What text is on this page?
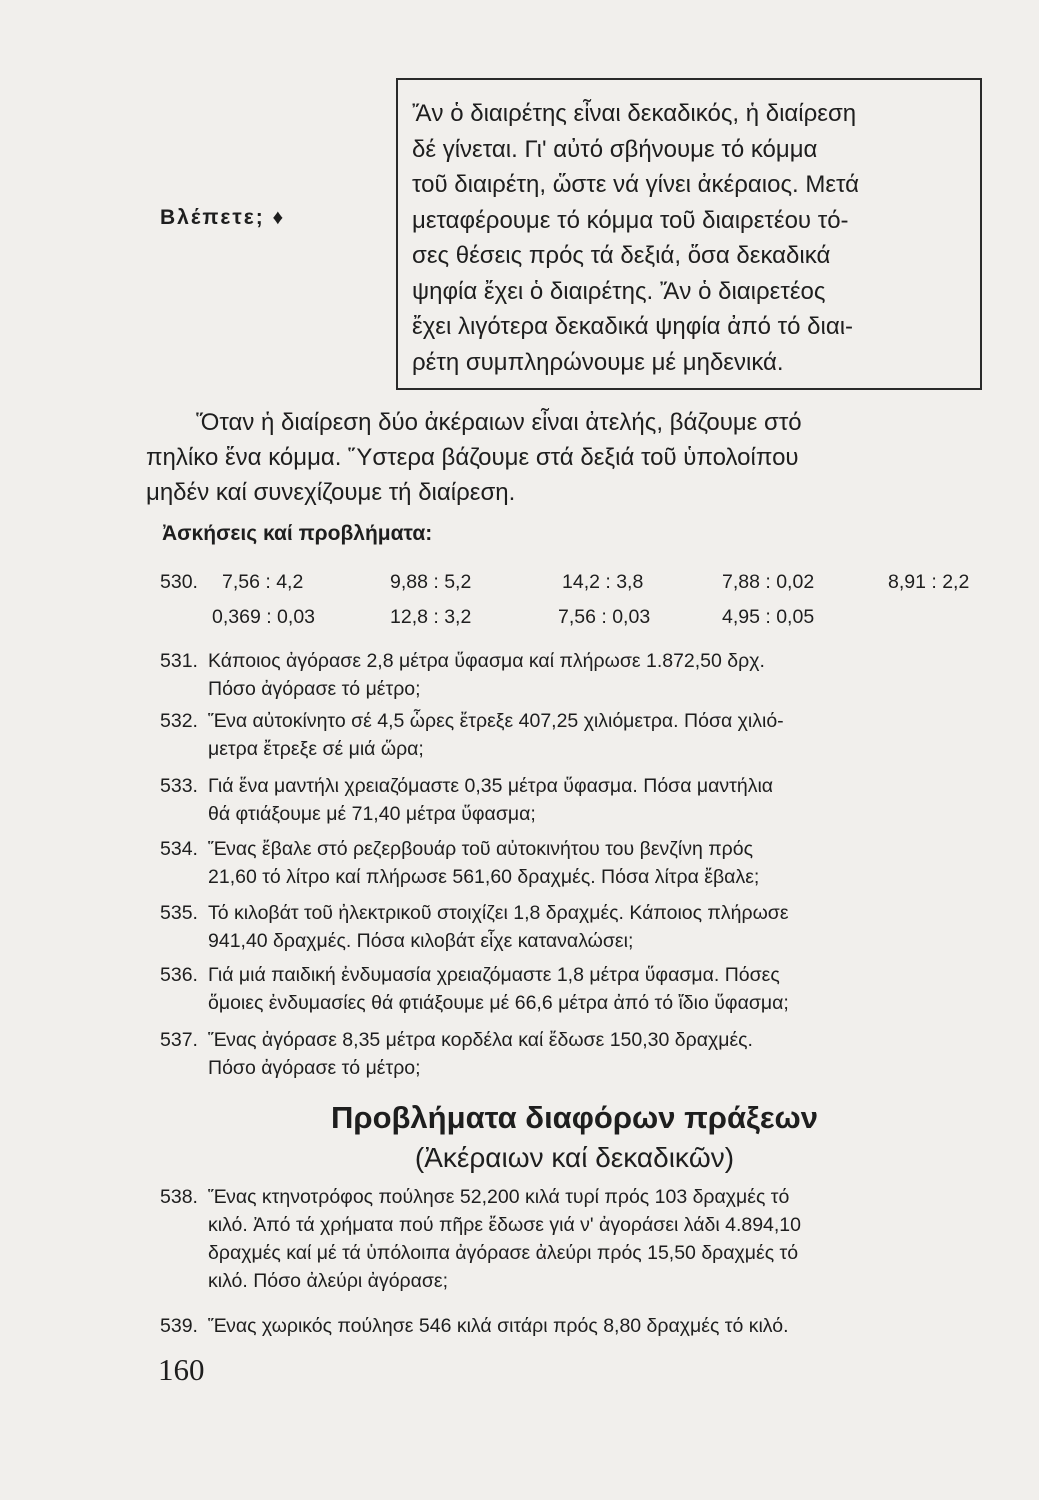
Βλέπετε; ♦
Ἄν ὁ διαιρέτης εἶναι δεκαδικός, ἡ διαίρεση
δέ γίνεται. Γι' αὐτό σβήνουμε τό κόμμα
τοῦ διαιρέτη, ὥστε νά γίνει ἀκέραιος. Μετά
μεταφέρουμε τό κόμμα τοῦ διαιρετέου τό-
σες θέσεις πρός τά δεξιά, ὅσα δεκαδικά
ψηφία ἔχει ὁ διαιρέτης. Ἄν ὁ διαιρετέος
ἔχει λιγότερα δεκαδικά ψηφία ἀπό τό διαι-
ρέτη συμπληρώνουμε μέ μηδενικά.
Ὅταν ἡ διαίρεση δύο ἀκέραιων εἶναι ἀτελής, βάζουμε στό
πηλίκο ἕνα κόμμα. Ὕστερα βάζουμε στά δεξιά τοῦ ὑπολοίπου
μηδέν καί συνεχίζουμε τή διαίρεση.
Ἀσκήσεις καί προβλήματα:
530. 7,56 : 4,2	9,88 : 5,2	14,2 : 3,8	7,88 : 0,02	8,91 : 2,2
0,369 : 0,03	12,8 : 3,2	7,56 : 0,03	4,95 : 0,05
531. Κάποιος ἀγόρασε 2,8 μέτρα ὕφασμα καί πλήρωσε 1.872,50 δρχ.
Πόσο ἀγόρασε τό μέτρο;
532. Ἕνα αὐτοκίνητο σέ 4,5 ὧρες ἔτρεξε 407,25 χιλιόμετρα. Πόσα χιλιό-
μετρα ἔτρεξε σέ μιά ὥρα;
533. Γιά ἕνα μαντήλι χρειαζόμαστε 0,35 μέτρα ὕφασμα. Πόσα μαντήλια
θά φτιάξουμε μέ 71,40 μέτρα ὕφασμα;
534. Ἕνας ἔβαλε στό ρεζερβουάρ τοῦ αὐτοκινήτου του βενζίνη πρός
21,60 τό λίτρο καί πλήρωσε 561,60 δραχμές. Πόσα λίτρα ἔβαλε;
535. Τό κιλοβάτ τοῦ ἠλεκτρικοῦ στοιχίζει 1,8 δραχμές. Κάποιος πλήρωσε
941,40 δραχμές. Πόσα κιλοβάτ εἶχε καταναλώσει;
536. Γιά μιά παιδική ἐνδυμασία χρειαζόμαστε 1,8 μέτρα ὕφασμα. Πόσες
ὅμοιες ἐνδυμασίες θά φτιάξουμε μέ 66,6 μέτρα ἀπό τό ἴδιο ὕφασμα;
537. Ἕνας ἀγόρασε 8,35 μέτρα κορδέλα καί ἔδωσε 150,30 δραχμές.
Πόσο ἀγόρασε τό μέτρο;
Προβλήματα διαφόρων πράξεων
(Ἀκέραιων καί δεκαδικῶν)
538. Ἕνας κτηνοτρόφος πούλησε 52,200 κιλά τυρί πρός 103 δραχμές τό
κιλό. Ἀπό τά χρήματα πού πῆρε ἔδωσε γιά ν' ἀγοράσει λάδι 4.894,10
δραχμές καί μέ τά ὑπόλοιπα ἀγόρασε ἀλεύρι πρός 15,50 δραχμές τό
κιλό. Πόσο ἀλεύρι ἀγόρασε;
539. Ἕνας χωρικός πούλησε 546 κιλά σιτάρι πρός 8,80 δραχμές τό κιλό.
160
